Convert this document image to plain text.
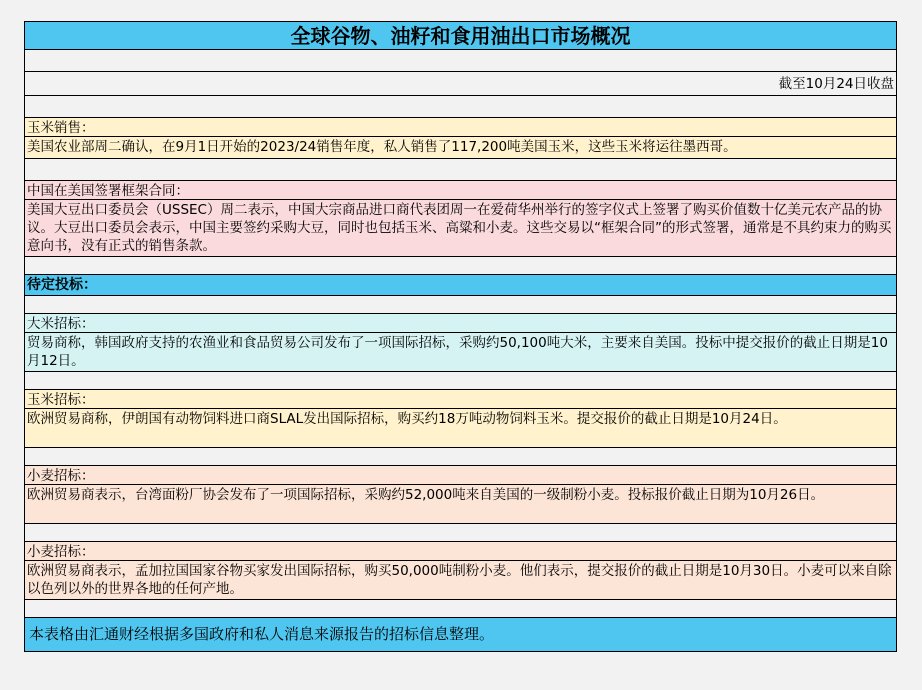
全球谷物、油籽和食用油出口市场概况
截至10月24日收盘
玉米销售：
美国农业部周二确认，在9月1日开始的2023/24销售年度，私人销售了117,200吨美国玉米，这些玉米将运往墨西哥。
中国在美国签署框架合同：
美国大豆出口委员会（USSEC）周二表示，中国大宗商品进口商代表团周一在爱荷华州举行的签字仪式上签署了购买价值数十亿美元农产品的协议。大豆出口委员会表示，中国主要签约采购大豆，同时也包括玉米、高粱和小麦。这些交易以“框架合同”的形式签署，通常是不具约束力的购买意向书，没有正式的销售条款。
待定投标：
大米招标：
贸易商称，韩国政府支持的农渔业和食品贸易公司发布了一项国际招标，采购约50,100吨大米，主要来自美国。投标中提交报价的截止日期是10月12日。
玉米招标：
欧洲贸易商称，伊朗国有动物饲料进口商SLAL发出国际招标，购买约18万吨动物饲料玉米。提交报价的截止日期是10月24日。
小麦招标：
欧洲贸易商表示，台湾面粉厂协会发布了一项国际招标，采购约52,000吨来自美国的一级制粉小麦。投标报价截止日期为10月26日。
小麦招标：
欧洲贸易商表示，孟加拉国国家谷物买家发出国际招标，购买50,000吨制粉小麦。他们表示，提交报价的截止日期是10月30日。小麦可以来自除以色列以外的世界各地的任何产地。
本表格由汇通财经根据多国政府和私人消息来源报告的招标信息整理。
